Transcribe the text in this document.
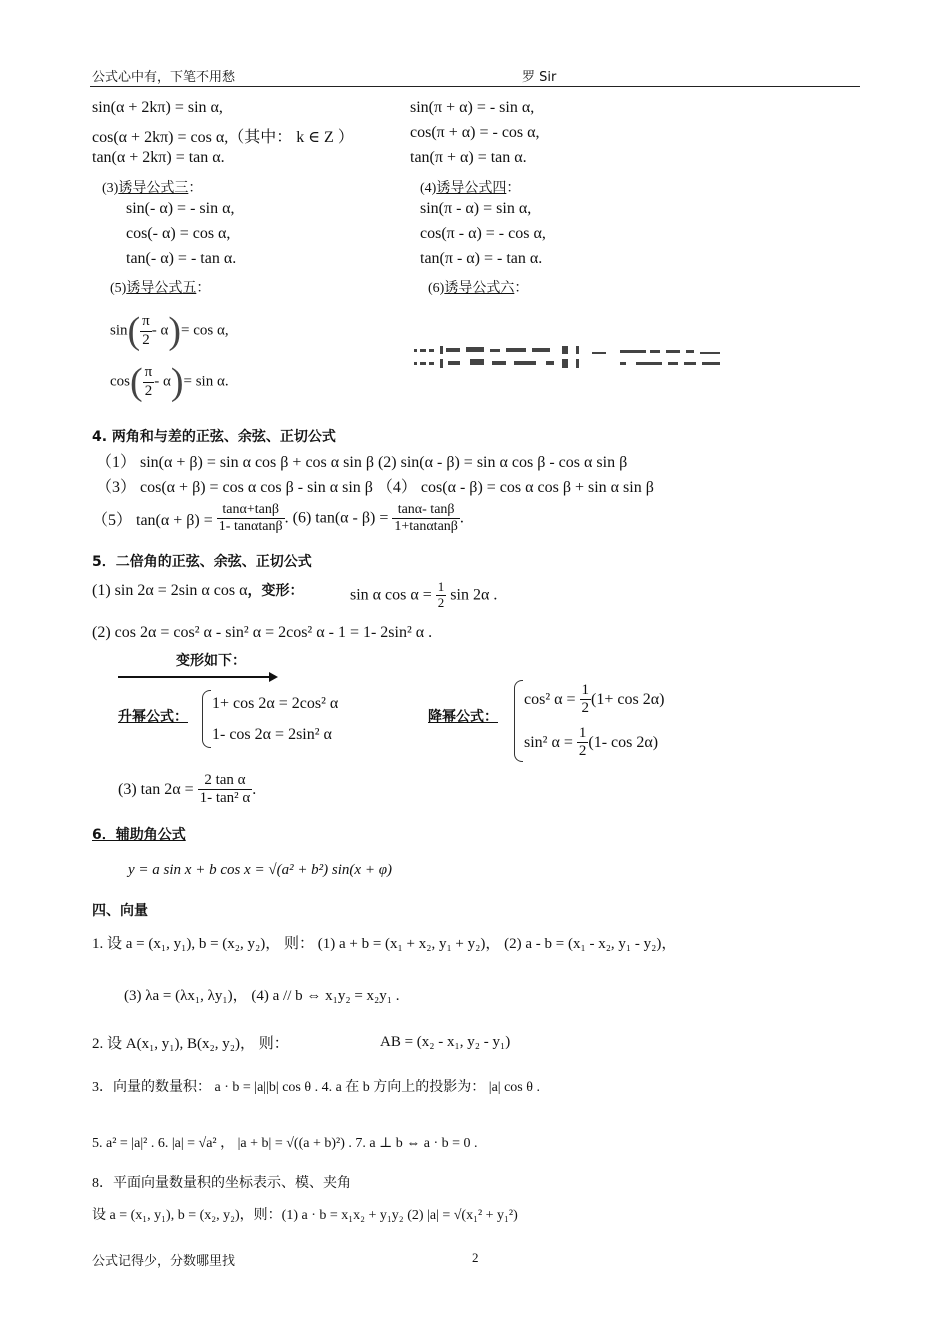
公式心中有，下笔不用愁	罗 Sir
sin(α + 2kπ) = sin α,
cos(α + 2kπ) = cos α,（其中： k ∈ Z ）
tan(α + 2kπ) = tan α.
sin(π + α) = - sin α,
cos(π + α) = - cos α,
tan(π + α) = tan α.
(3)诱导公式三：
sin(- α) = - sin α,
cos(- α) = cos α,
tan(- α) = - tan α.
(4)诱导公式四：
sin(π - α) = sin α,
cos(π - α) = - cos α,
tan(π - α) = - tan α.
(5)诱导公式五：	(6)诱导公式六：
$\sin( \frac{\pi}{2} - \alpha)= \cos \alpha$,
$\cos( \frac{\pi}{2} - \alpha)= \sin \alpha$.
4. 两角和与差的正弦、余弦、正切公式
（1） sin(α + β) = sin α cos β + cos α sin β (2) sin(α - β) = sin α cos β - cos α sin β
（3） cos(α + β) = cos α cos β - sin α sin β （4） cos(α - β) = cos α cos β + sin α sin β
（5） $\tan(\alpha + \beta) = \frac{\tan\alpha+\tan\beta}{1- \tan\alpha\tan\beta}$ . (6) $\tan(\alpha - \beta) = \frac{\tan\alpha- \tan\beta}{1+\tan\alpha\tan\beta}$ .
5．二倍角的正弦、余弦、正切公式
(1) sin 2α = 2sin α cos α，变形：	sin α $\cos \alpha = \frac{1}{2}$ sin 2α .
(2) cos 2α = cos² α - sin² α = 2cos² α - 1 = 1- 2sin² α .
变形如下：
升幂公式：
1+ cos 2α = 2cos² α
1- cos 2α = 2sin² α
降幂公式：
cos² $\alpha = \frac{1}{2} (1+ \cos 2\alpha)$
sin² $\alpha = \frac{1}{2} (1-$ cos 2α)
(3) $\tan 2\alpha = \frac{\text{2 tan α}}{\text{1- tan² α}}$ .
6．辅助角公式
y = a sin x + b cos x = √(a² + b²) sin(x + φ)
四、向量
1. 设 a = (x₁, y₁), b = (x₂, y₂)， 则： (1) a + b = (x₁ + x₂, y₁ + y₂)， (2) a - b = (x₁ - x₂, y₁ - y₂)，
(3) λa = (λx₁, λy₁)， (4) a // b ⇔ x₁y₂ = x₂y₁ .
2. 设 A(x₁, y₁), B(x₂, y₂)， 则：	AB = (x₂ - x₁, y₂ - y₁)
3．向量的数量积： a · b = |a||b| cos θ . 4. a 在 b 方向上的投影为： |a| cos θ .
5. a² = |a|² . 6. |a| = √a² ， |a + b| = √((a + b)²) . 7. a ⊥ b ⇔ a · b = 0 .
8．平面向量数量积的坐标表示、模、夹角
设 a = (x₁, y₁), b = (x₂, y₂)，则：(1) a · b = x₁x₂ + y₁y₂ (2) |a| = √(x₁² + y₁²)
公式记得少，分数哪里找	2
